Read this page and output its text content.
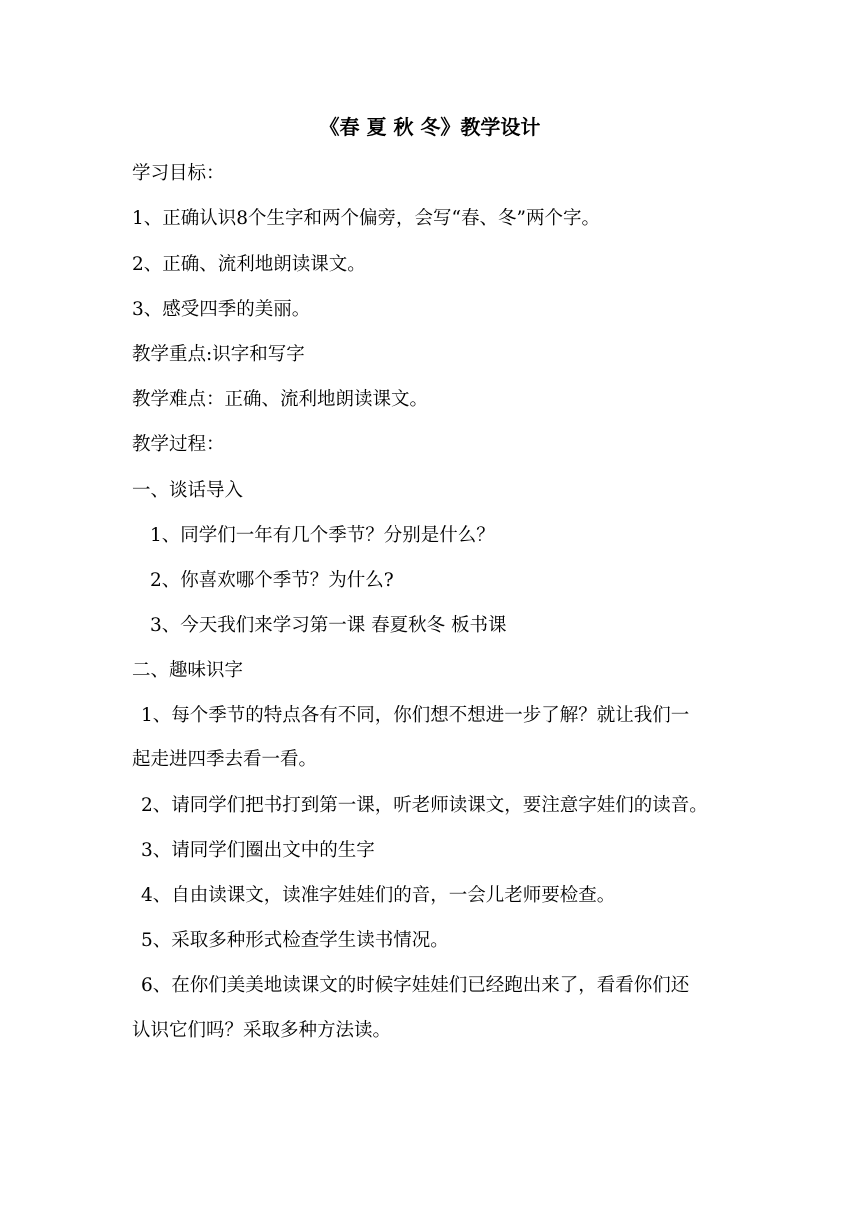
《春 夏 秋 冬》教学设计
学习目标：
1、正确认识8个生字和两个偏旁，会写“春、冬”两个字。
2、正确、流利地朗读课文。
3、感受四季的美丽。
教学重点:识字和写字
教学难点：正确、流利地朗读课文。
教学过程：
一、谈话导入
1、同学们一年有几个季节？分别是什么？
2、你喜欢哪个季节？为什么?
3、今天我们来学习第一课 春夏秋冬 板书课
二、趣味识字
1、每个季节的特点各有不同，你们想不想进一步了解？就让我们一
起走进四季去看一看。
2、请同学们把书打到第一课，听老师读课文，要注意字娃们的读音。
3、请同学们圈出文中的生字
4、自由读课文，读准字娃娃们的音，一会儿老师要检查。
5、采取多种形式检查学生读书情况。
6、在你们美美地读课文的时候字娃娃们已经跑出来了，看看你们还
认识它们吗？采取多种方法读。
